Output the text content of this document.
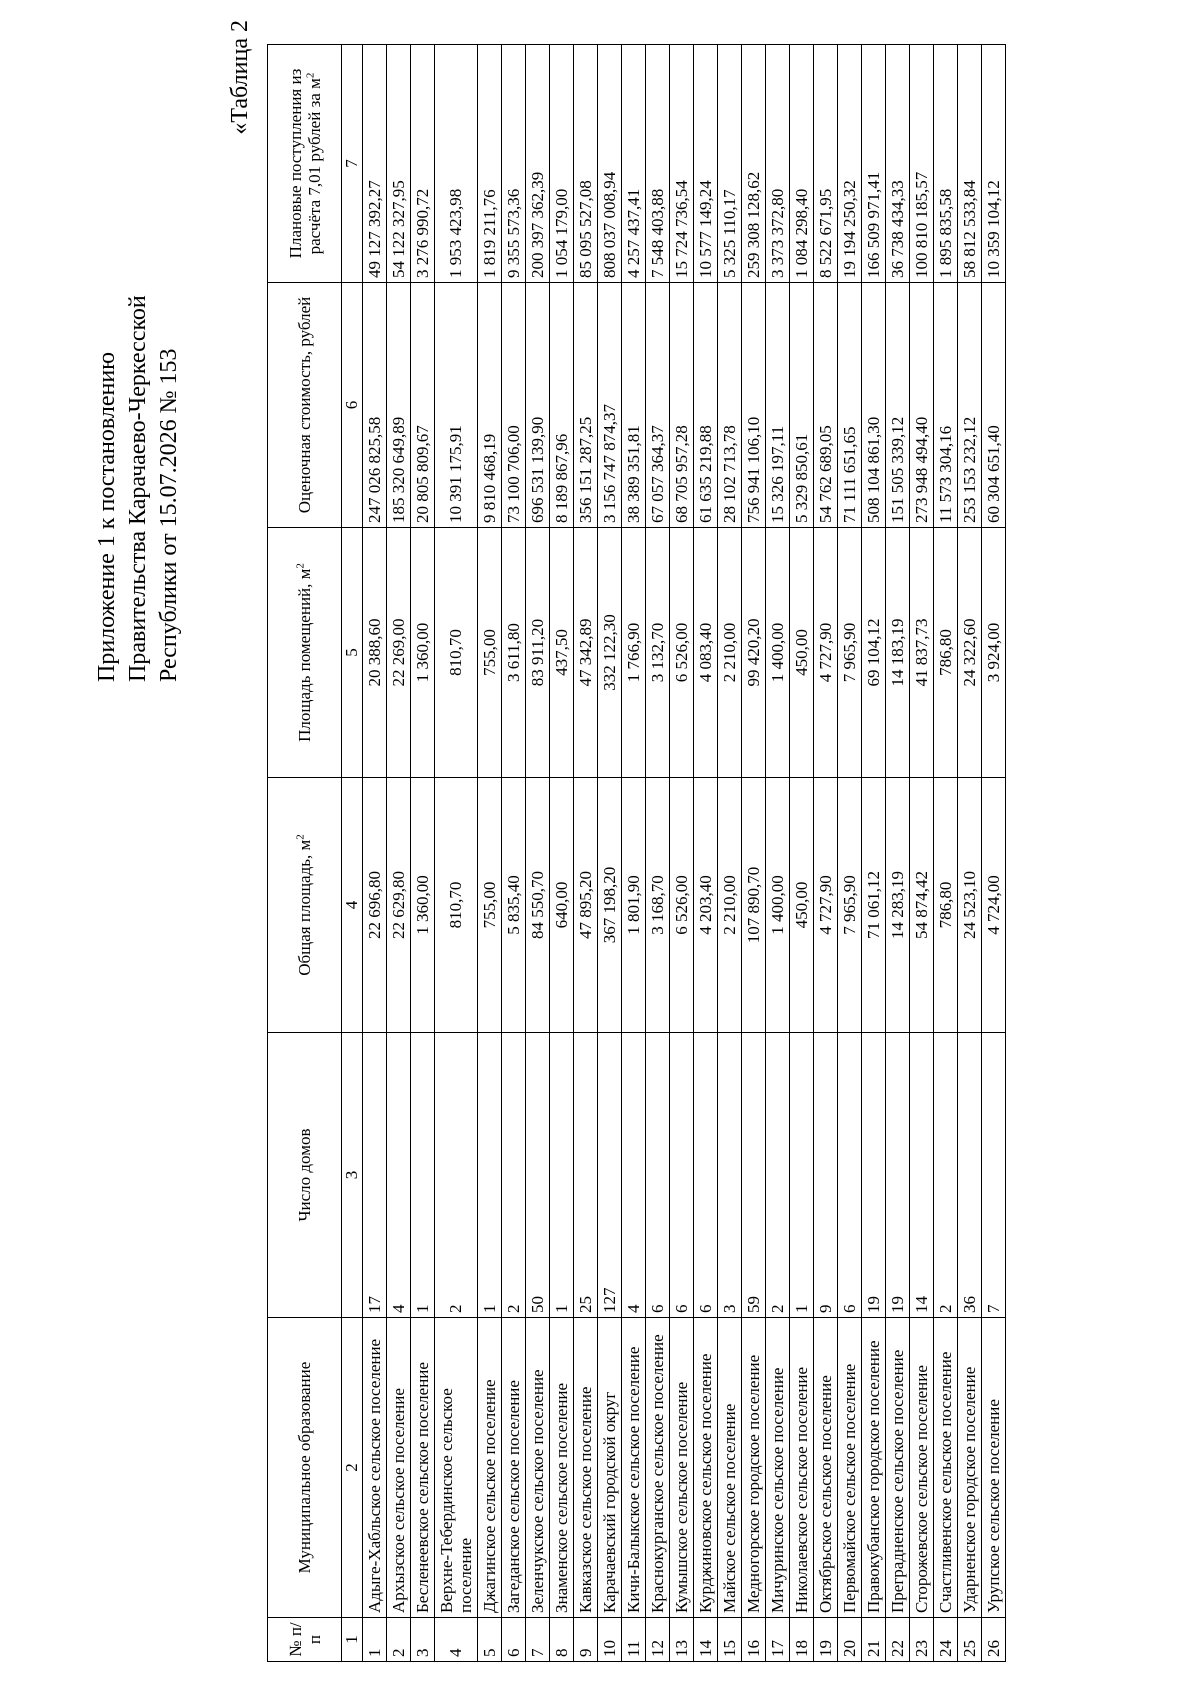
Приложение 1 к постановлению Правительства Карачаево-Черкесской Республики от 15.07.2026 № 153
«Таблица 2
№ п/п	Муниципальное образование	Число домов	Общая площадь, $м^2$	Площадь помещений, $м^2$	Оценочная стоимость, рублей	Плановые поступления из расчёта 7,01 рублей за $м^2$
1	2	3	4	5	6	7
1	Адыге-Хабльское сельское поселение	17	22 696,80	20 388,60	247 026 825,58	49 127 392,27
2	Архызское сельское поселение	4	22 629,80	22 269,00	185 320 649,89	54 122 327,95
3	Бесленеевское сельское поселение	1	1 360,00	1 360,00	20 805 809,67	3 276 990,72
4	Верхне-Тебердинское сельское поселение	2	810,70	810,70	10 391 175,91	1 953 423,98
5	Джагинское сельское поселение	1	755,00	755,00	9 810 468,19	1 819 211,76
6	Загеданское сельское поселение	2	5 835,40	3 611,80	73 100 706,00	9 355 573,36
7	Зеленчукское сельское поселение	50	84 550,70	83 911,20	696 531 139,90	200 397 362,39
8	Знаменское сельское поселение	1	640,00	437,50	8 189 867,96	1 054 179,00
9	Кавказское сельское поселение	25	47 895,20	47 342,89	356 151 287,25	85 095 527,08
10	Карачаевский городской округ	127	367 198,20	332 122,30	3 156 747 874,37	808 037 008,94
11	Кичи-Балыкское сельское поселение	4	1 801,90	1 766,90	38 389 351,81	4 257 437,41
12	Краснокурганское сельское поселение	6	3 168,70	3 132,70	67 057 364,37	7 548 403,88
13	Кумышское сельское поселение	6	6 526,00	6 526,00	68 705 957,28	15 724 736,54
14	Курджиновское сельское поселение	6	4 203,40	4 083,40	61 635 219,88	10 577 149,24
15	Майское сельское поселение	3	2 210,00	2 210,00	28 102 713,78	5 325 110,17
16	Медногорское городское поселение	59	107 890,70	99 420,20	756 941 106,10	259 308 128,62
17	Мичуринское сельское поселение	2	1 400,00	1 400,00	15 326 197,11	3 373 372,80
18	Николаевское сельское поселение	1	450,00	450,00	5 329 850,61	1 084 298,40
19	Октябрьское сельское поселение	9	4 727,90	4 727,90	54 762 689,05	8 522 671,95
20	Первомайское сельское поселение	6	7 965,90	7 965,90	71 111 651,65	19 194 250,32
21	Правокубанское городское поселение	19	71 061,12	69 104,12	508 104 861,30	166 509 971,41
22	Преградненское сельское поселение	19	14 283,19	14 183,19	151 505 339,12	36 738 434,33
23	Сторожевское сельское поселение	14	54 874,42	41 837,73	273 948 494,40	100 810 185,57
24	Счастливенское сельское поселение	2	786,80	786,80	11 573 304,16	1 895 835,58
25	Ударненское городское поселение	36	24 523,10	24 322,60	253 153 232,12	58 812 533,84
26	Урупское сельское поселение	7	4 724,00	3 924,00	60 304 651,40	10 359 104,12
